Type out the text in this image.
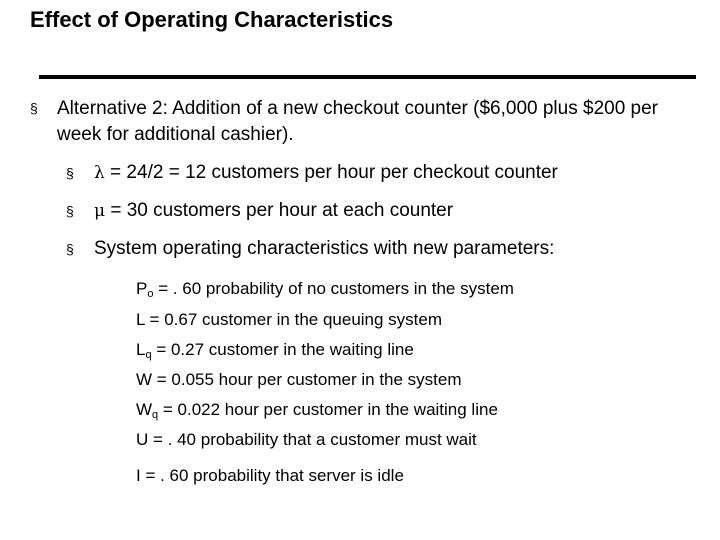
Effect of Operating Characteristics
§ Alternative 2: Addition of a new checkout counter ($6,000 plus $200 per week for additional cashier).
§ λ = 24/2 = 12 customers per hour per checkout counter
§ μ = 30 customers per hour at each counter
§ System operating characteristics with new parameters:
$P_o$ = . 60 probability of no customers in the system
L = 0.67 customer in the queuing system
$L_q = 0.27$ customer in the waiting line
W = 0.055 hour per customer in the system
$W_q = 0.022$ hour per customer in the waiting line
U = . 40 probability that a customer must wait
I = . 60 probability that server is idle
